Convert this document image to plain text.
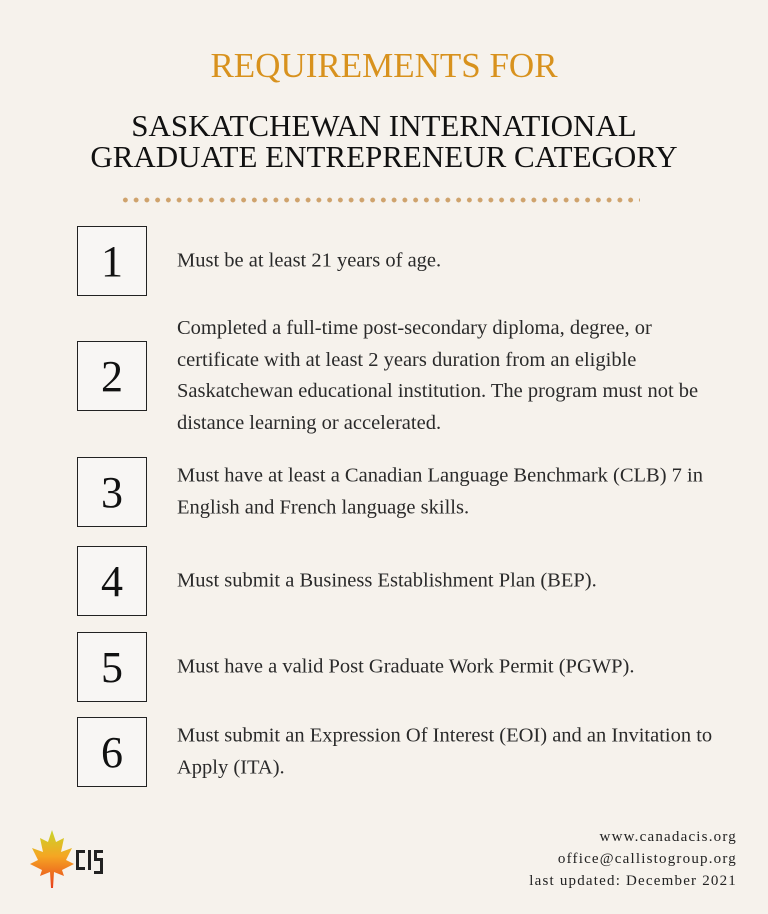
REQUIREMENTS FOR
SASKATCHEWAN INTERNATIONAL
GRADUATE ENTREPRENEUR CATEGORY
1	Must be at least 21 years of age.
2
Completed a full-time post-secondary diploma, degree, or certificate with at least 2 years duration from an eligible Saskatchewan educational institution. The program must not be distance learning or accelerated.
3	Must have at least a Canadian Language Benchmark (CLB) 7 in English and French language skills.
4	Must submit a Business Establishment Plan (BEP).
5	Must have a valid Post Graduate Work Permit (PGWP).
6	Must submit an Expression Of Interest (EOI) and an Invitation to Apply (ITA).
www.canadacis.org
office@callistogroup.org
last updated: December 2021
